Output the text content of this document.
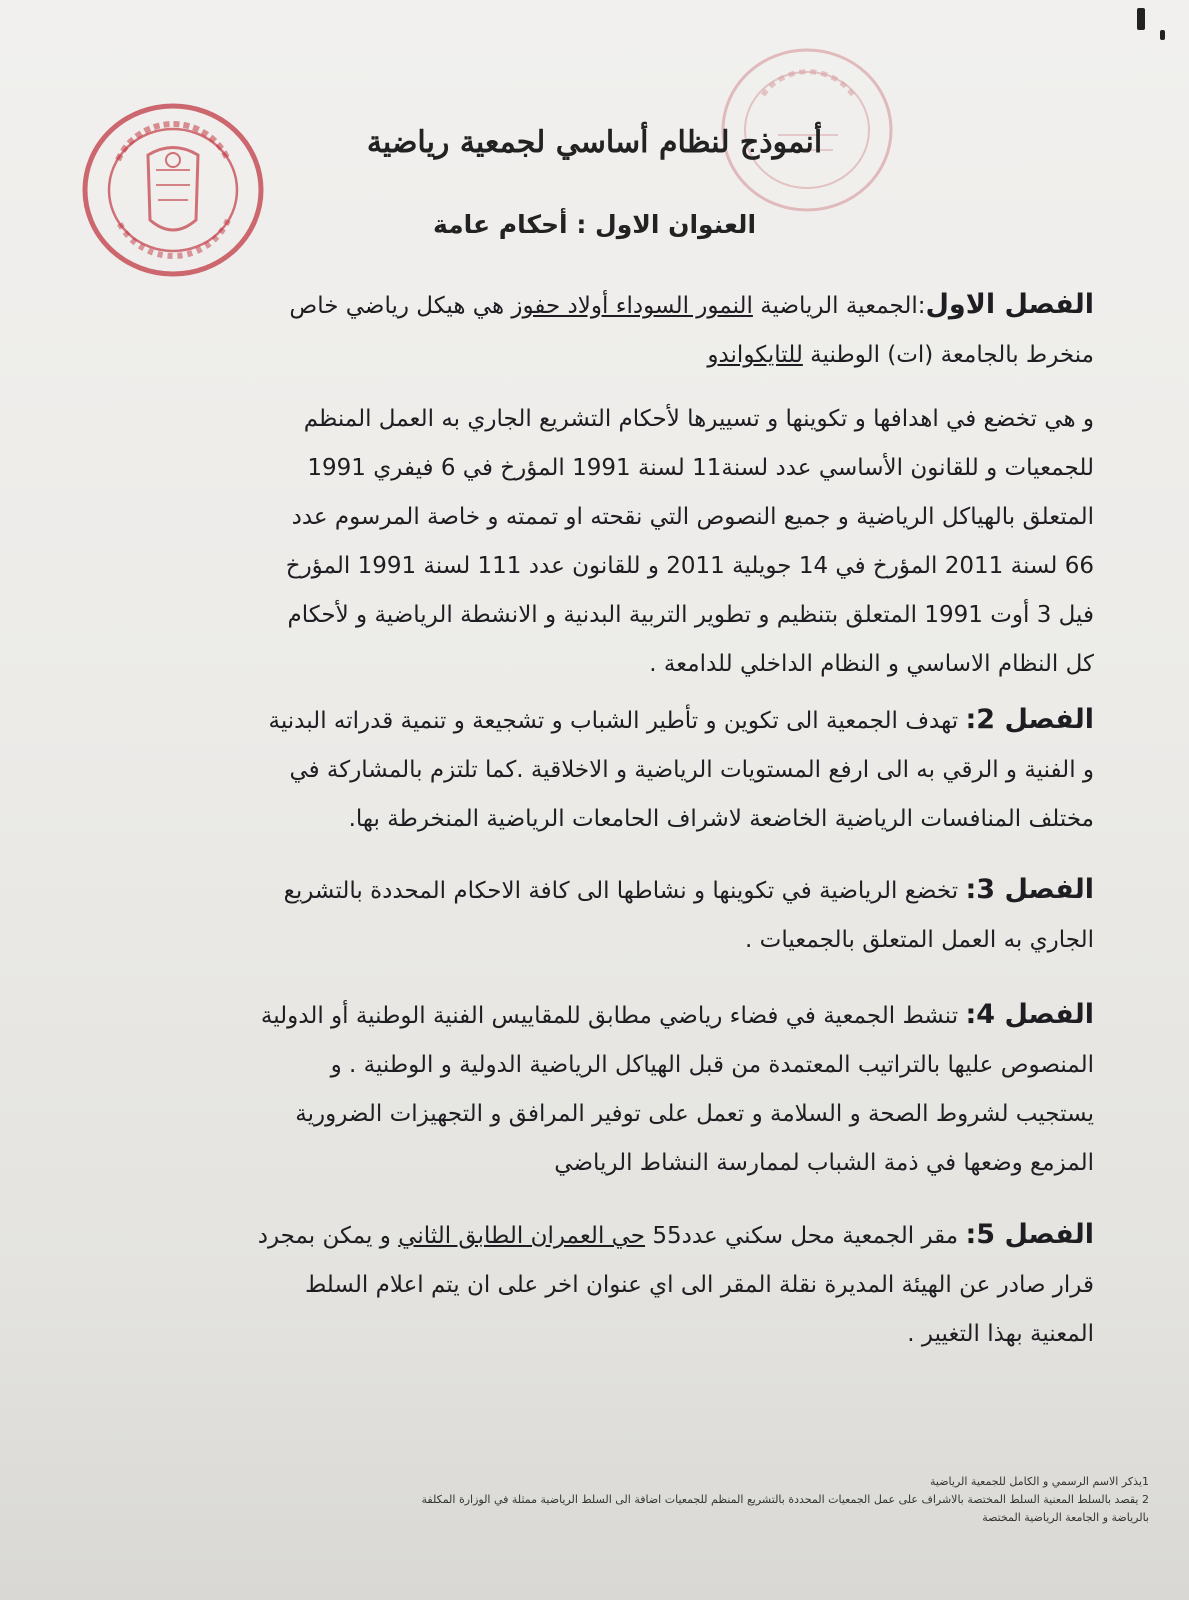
أنموذج لنظام أساسي لجمعية رياضية
العنوان الاول : أحكام عامة
الفصل الاول:الجمعية الرياضية النمور السوداء أولاد حفوز هي هيكل رياضي خاص
منخرط بالجامعة (ات) الوطنية للتايكواندو
و هي تخضع في اهدافها و تكوينها و تسييرها لأحكام التشريع الجاري به العمل المنظم
للجمعيات و للقانون الأساسي عدد لسنة11 لسنة 1991 المؤرخ في 6 فيفري 1991
المتعلق بالهياكل الرياضية و جميع النصوص التي نقحته او تممته و خاصة المرسوم عدد
66 لسنة 2011 المؤرخ في 14 جويلية 2011 و للقانون عدد 111 لسنة 1991 المؤرخ
فيل 3 أوت 1991 المتعلق بتنظيم و تطوير التربية البدنية و الانشطة الرياضية و لأحكام
كل النظام الاساسي و النظام الداخلي للدامعة .
الفصل 2: تهدف الجمعية الى تكوين و تأطير الشباب و تشجيعة و تنمية قدراته البدنية
و الفنية و الرقي به الى ارفع المستويات الرياضية و الاخلاقية .كما تلتزم بالمشاركة في
مختلف المنافسات الرياضية الخاضعة لاشراف الحامعات الرياضية المنخرطة بها.
الفصل 3: تخضع الرياضية في تكوينها و نشاطها الى كافة الاحكام المحددة بالتشريع
الجاري به العمل المتعلق بالجمعيات .
الفصل 4: تنشط الجمعية في فضاء رياضي مطابق للمقاييس الفنية الوطنية أو الدولية
المنصوص عليها بالتراتيب المعتمدة من قبل الهياكل الرياضية الدولية و الوطنية . و
يستجيب لشروط الصحة و السلامة و تعمل على توفير المرافق و التجهيزات الضرورية
المزمع وضعها في ذمة الشباب لممارسة النشاط الرياضي
الفصل 5: مقر الجمعية محل سكني عدد55 حي العمران الطابق الثاني و يمكن بمجرد
قرار صادر عن الهيئة المديرة نقلة المقر الى اي عنوان اخر على ان يتم اعلام السلط
المعنية بهذا التغيير .
1يذكر الاسم الرسمي و الكامل للجمعية الرياضية
2 يقصد بالسلط المعنية السلط المختصة بالاشراف على عمل الجمعيات المحددة بالتشريع المنظم للجمعيات اضافة الى السلط الرياضية ممثلة في الوزارة المكلفة
بالرياضة و الجامعة الرياضية المختصة
